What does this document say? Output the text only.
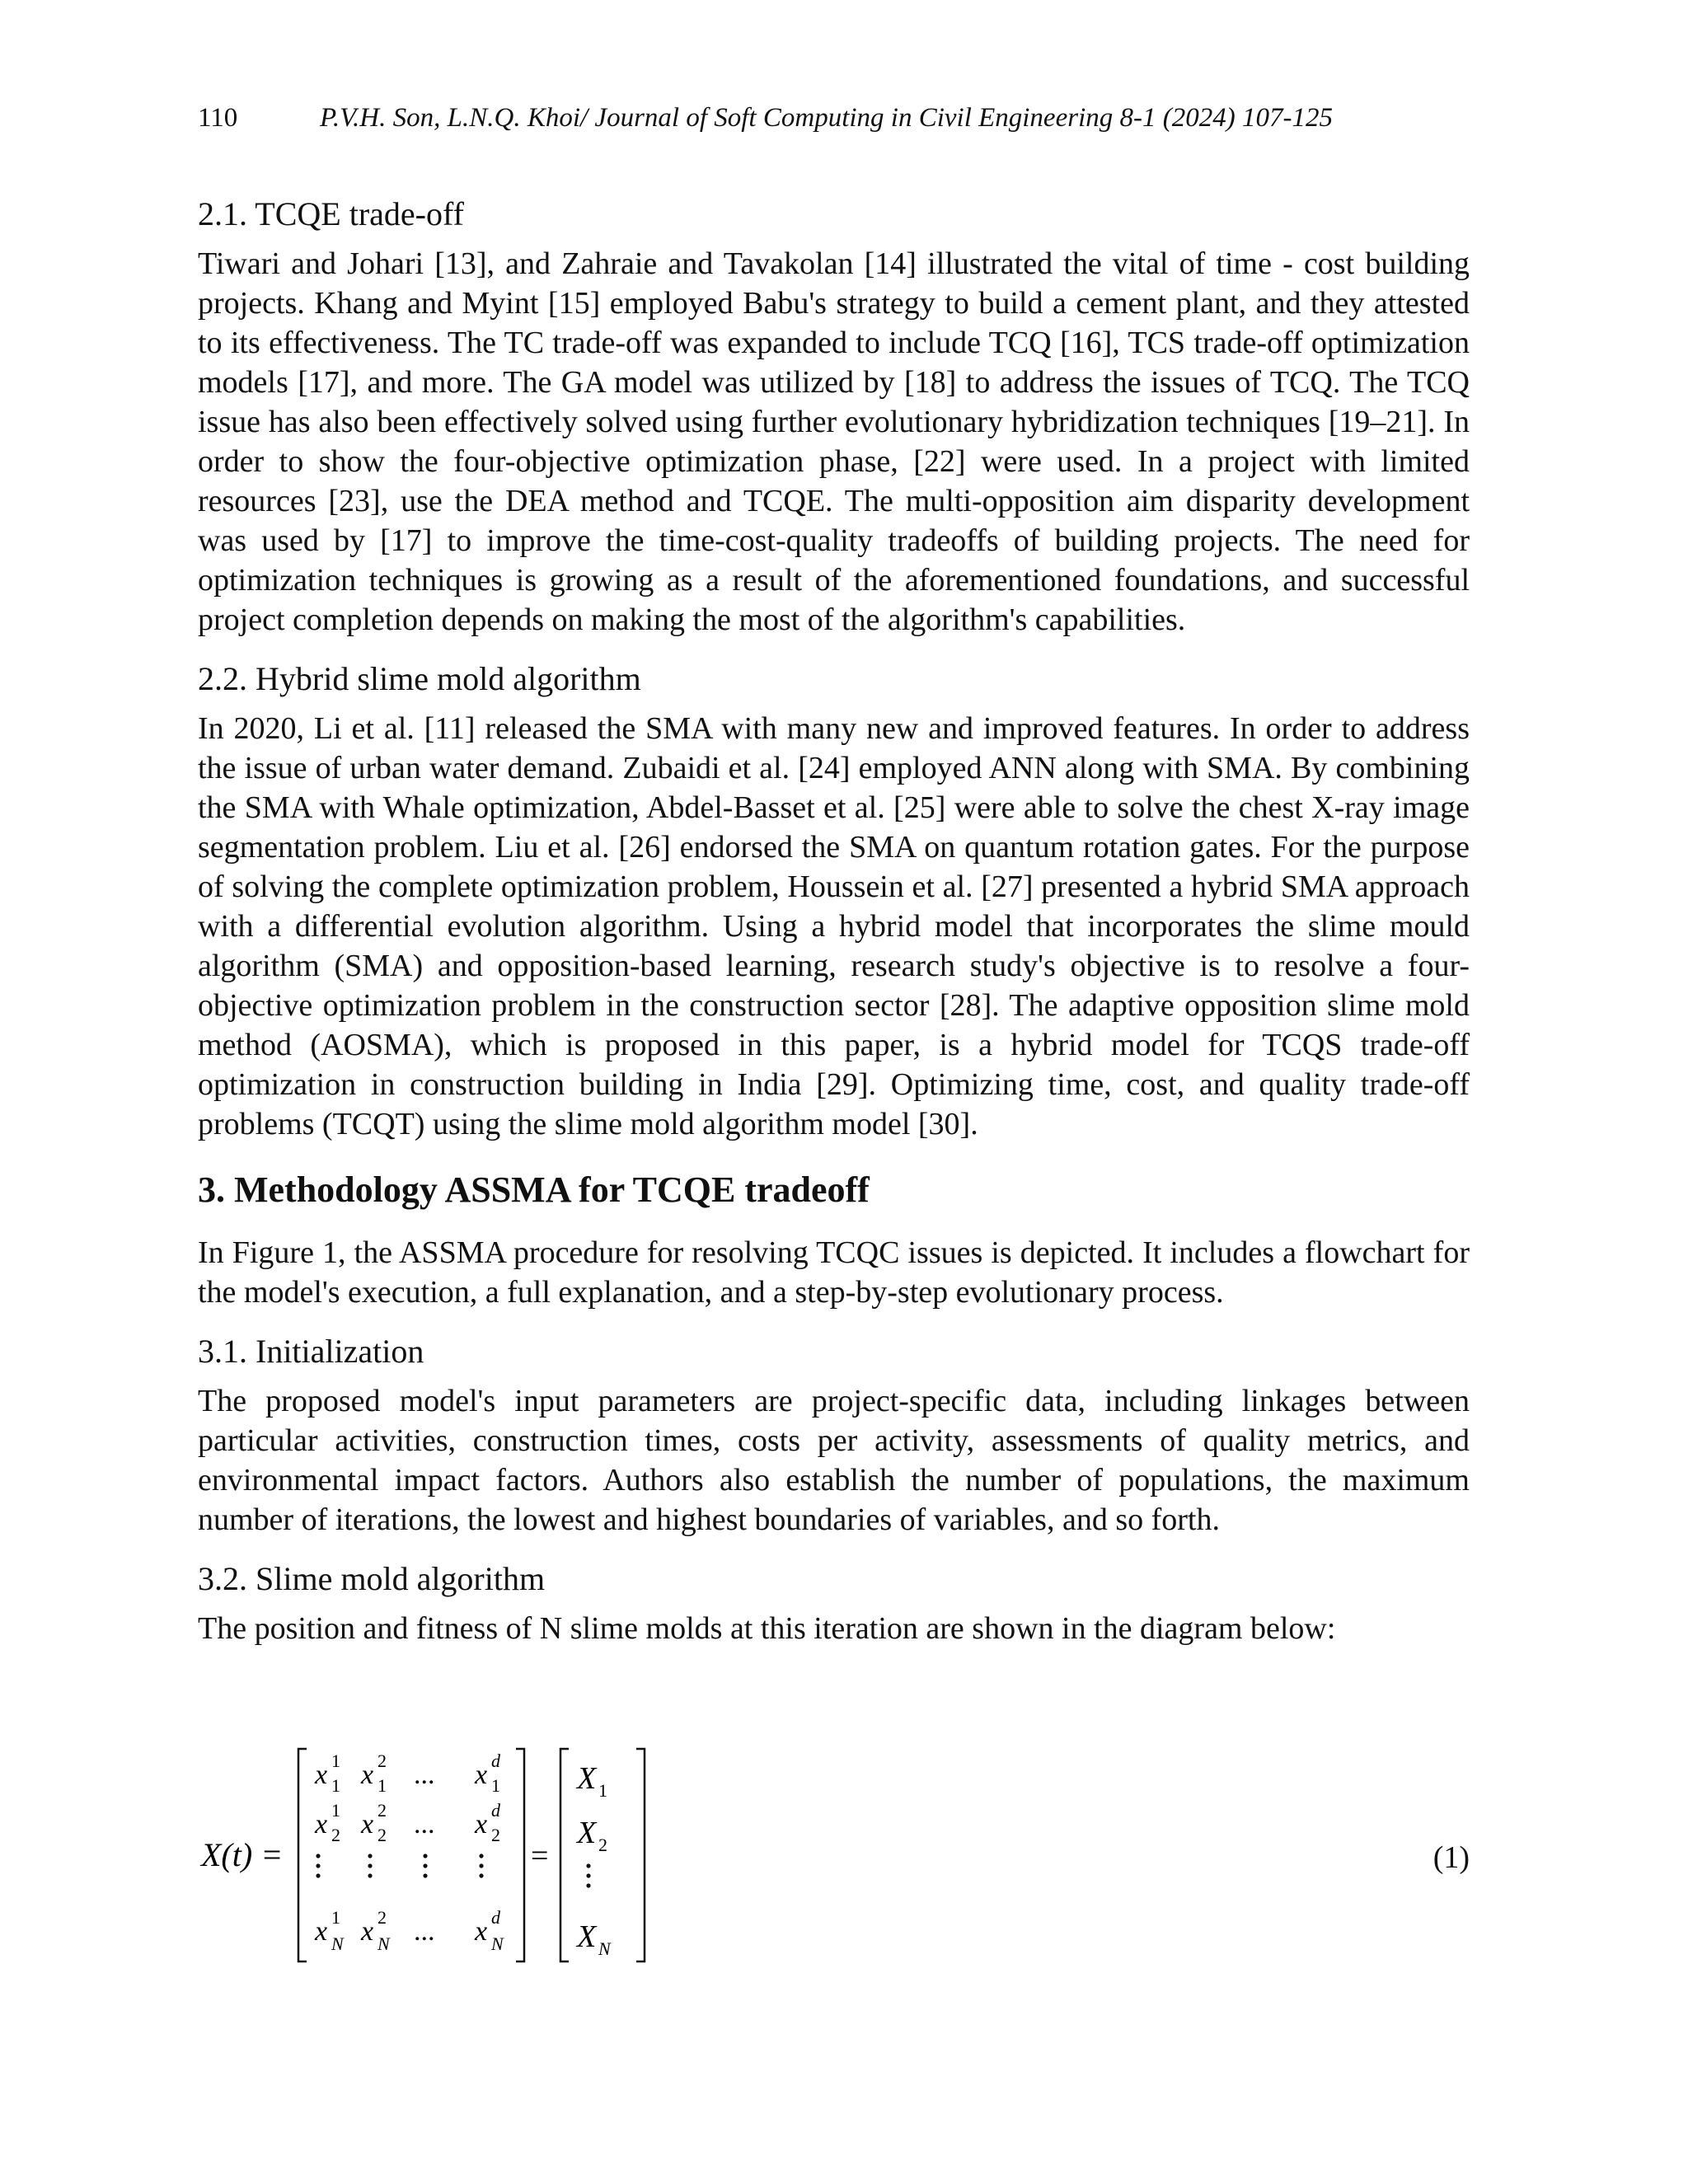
110	P.V.H. Son, L.N.Q. Khoi/ Journal of Soft Computing in Civil Engineering 8-1 (2024) 107-125
2.1. TCQE trade-off

Tiwari and Johari [13], and Zahraie and Tavakolan [14] illustrated the vital of time - cost building projects. Khang and Myint [15] employed Babu's strategy to build a cement plant, and they attested to its effectiveness. The TC trade-off was expanded to include TCQ [16], TCS trade-off optimization models [17], and more. The GA model was utilized by [18] to address the issues of TCQ. The TCQ issue has also been effectively solved using further evolutionary hybridization techniques [19–21]. In order to show the four-objective optimization phase, [22] were used. In a project with limited resources [23], use the DEA method and TCQE. The multi-opposition aim disparity development was used by [17] to improve the time-cost-quality tradeoffs of building projects. The need for optimization techniques is growing as a result of the aforementioned foundations, and successful project completion depends on making the most of the algorithm's capabilities.

2.2. Hybrid slime mold algorithm

In 2020, Li et al. [11] released the SMA with many new and improved features. In order to address the issue of urban water demand. Zubaidi et al. [24] employed ANN along with SMA. By combining the SMA with Whale optimization, Abdel-Basset et al. [25] were able to solve the chest X-ray image segmentation problem. Liu et al. [26] endorsed the SMA on quantum rotation gates. For the purpose of solving the complete optimization problem, Houssein et al. [27] presented a hybrid SMA approach with a differential evolution algorithm. Using a hybrid model that incorporates the slime mould algorithm (SMA) and opposition-based learning, research study's objective is to resolve a four-objective optimization problem in the construction sector [28]. The adaptive opposition slime mold method (AOSMA), which is proposed in this paper, is a hybrid model for TCQS trade-off optimization in construction building in India [29]. Optimizing time, cost, and quality trade-off problems (TCQT) using the slime mold algorithm model [30].

3. Methodology ASSMA for TCQE tradeoff

In Figure 1, the ASSMA procedure for resolving TCQC issues is depicted. It includes a flowchart for the model's execution, a full explanation, and a step-by-step evolutionary process.

3.1. Initialization

The proposed model's input parameters are project-specific data, including linkages between particular activities, construction times, costs per activity, assessments of quality metrics, and environmental impact factors. Authors also establish the number of populations, the maximum number of iterations, the lowest and highest boundaries of variables, and so forth.

3.2. Slime mold algorithm

The position and fitness of N slime molds at this iteration are shown in the diagram below:

X(t) =
x 1
1 x 1
2 ... x 1
d
x 2
1 x 2
2 ... x 2
d
x N
1 x N
2 ... x N
d
=
X 1
X 2
X N
(1)
